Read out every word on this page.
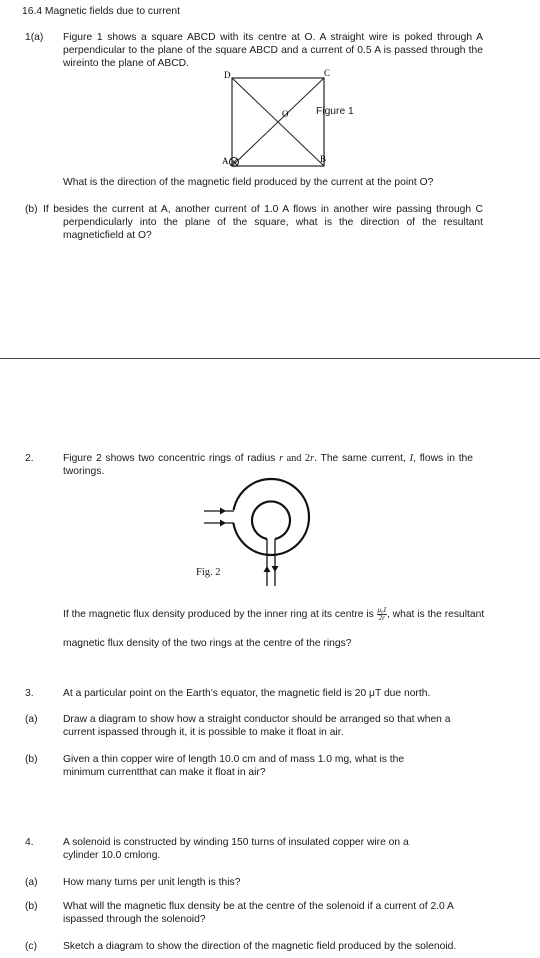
16.4 Magnetic fields due to current
1(a) Figure 1 shows a square ABCD with its centre at O. A straight wire is poked through A perpendicular to the plane of the square ABCD and a current of 0.5 A is passed through the wireinto the plane of ABCD.
D	C
A	B
O	Figure 1
What is the direction of the magnetic field produced by the current at the point O?
(b) If besides the current at A, another current of 1.0 A flows in another wire passing through C perpendicularly into the plane of the square, what is the direction of the resultant magneticfield at O?
2.	Figure 2 shows two concentric rings of radius r and 2r. The same current, I, flows in the tworings.
Fig. 2
If the magnetic flux density produced by the inner ring at its centre is $\frac{\text{μ₀I}}{2r}$ , what is the resultant
magnetic flux density of the two rings at the centre of the rings?
3.	At a particular point on the Earth’s equator, the magnetic field is 20 μT due north.
(a) Draw a diagram to show how a straight conductor should be arranged so that when a current ispassed through it, it is possible to make it float in air.
(b) Given a thin copper wire of length 10.0 cm and of mass 1.0 mg, what is the minimum currentthat can make it float in air?
4.	A solenoid is constructed by winding 150 turns of insulated copper wire on a cylinder 10.0 cmlong.
(a) How many turns per unit length is this?
(b) What will the magnetic flux density be at the centre of the solenoid if a current of 2.0 A ispassed through the solenoid?
(c)	Sketch a diagram to show the direction of the magnetic field produced by the solenoid.
